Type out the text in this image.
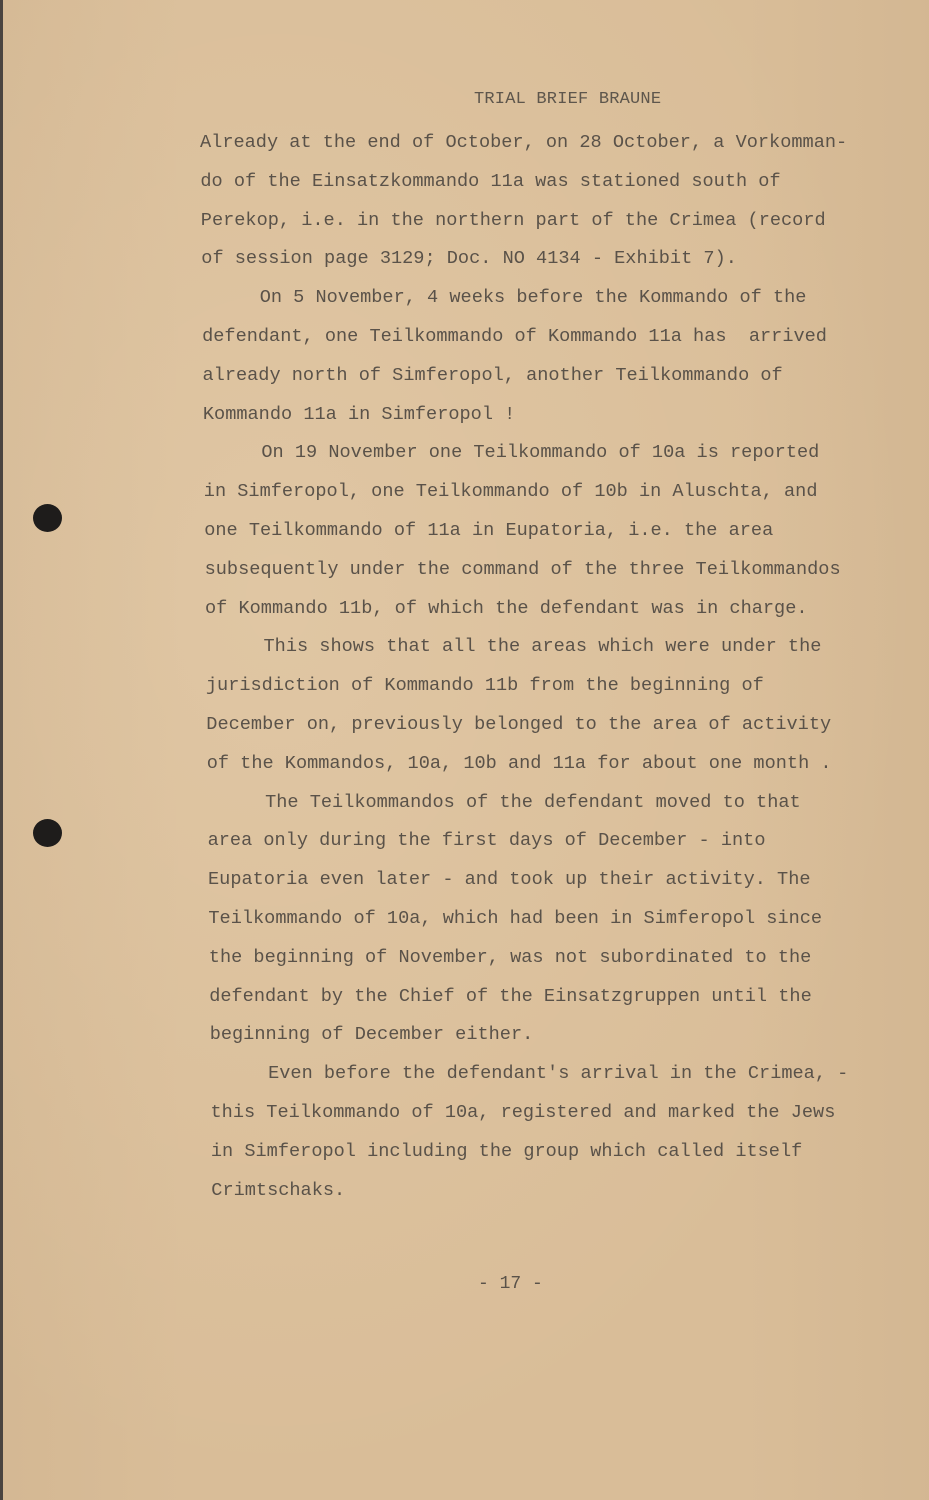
TRIAL BRIEF BRAUNE
Already at the end of October, on 28 October, a Vorkomman-
do of the Einsatzkommando 11a was stationed south of
Perekop, i.e. in the northern part of the Crimea (record
of session page 3129; Doc. NO 4134 - Exhibit 7).
On 5 November, 4 weeks before the Kommando of the
defendant, one Teilkommando of Kommando 11a has  arrived
already north of Simferopol, another Teilkommando of
Kommando 11a in Simferopol !
On 19 November one Teilkommando of 10a is reported
in Simferopol, one Teilkommando of 10b in Aluschta, and
one Teilkommando of 11a in Eupatoria, i.e. the area
subsequently under the command of the three Teilkommandos
of Kommando 11b, of which the defendant was in charge.
This shows that all the areas which were under the
jurisdiction of Kommando 11b from the beginning of
December on, previously belonged to the area of activity
of the Kommandos, 10a, 10b and 11a for about one month .
The Teilkommandos of the defendant moved to that
area only during the first days of December - into
Eupatoria even later - and took up their activity. The
Teilkommando of 10a, which had been in Simferopol since
the beginning of November, was not subordinated to the
defendant by the Chief of the Einsatzgruppen until the
beginning of December either.
Even before the defendant's arrival in the Crimea, -
this Teilkommando of 10a, registered and marked the Jews
in Simferopol including the group which called itself
Crimtschaks.
- 17 -
